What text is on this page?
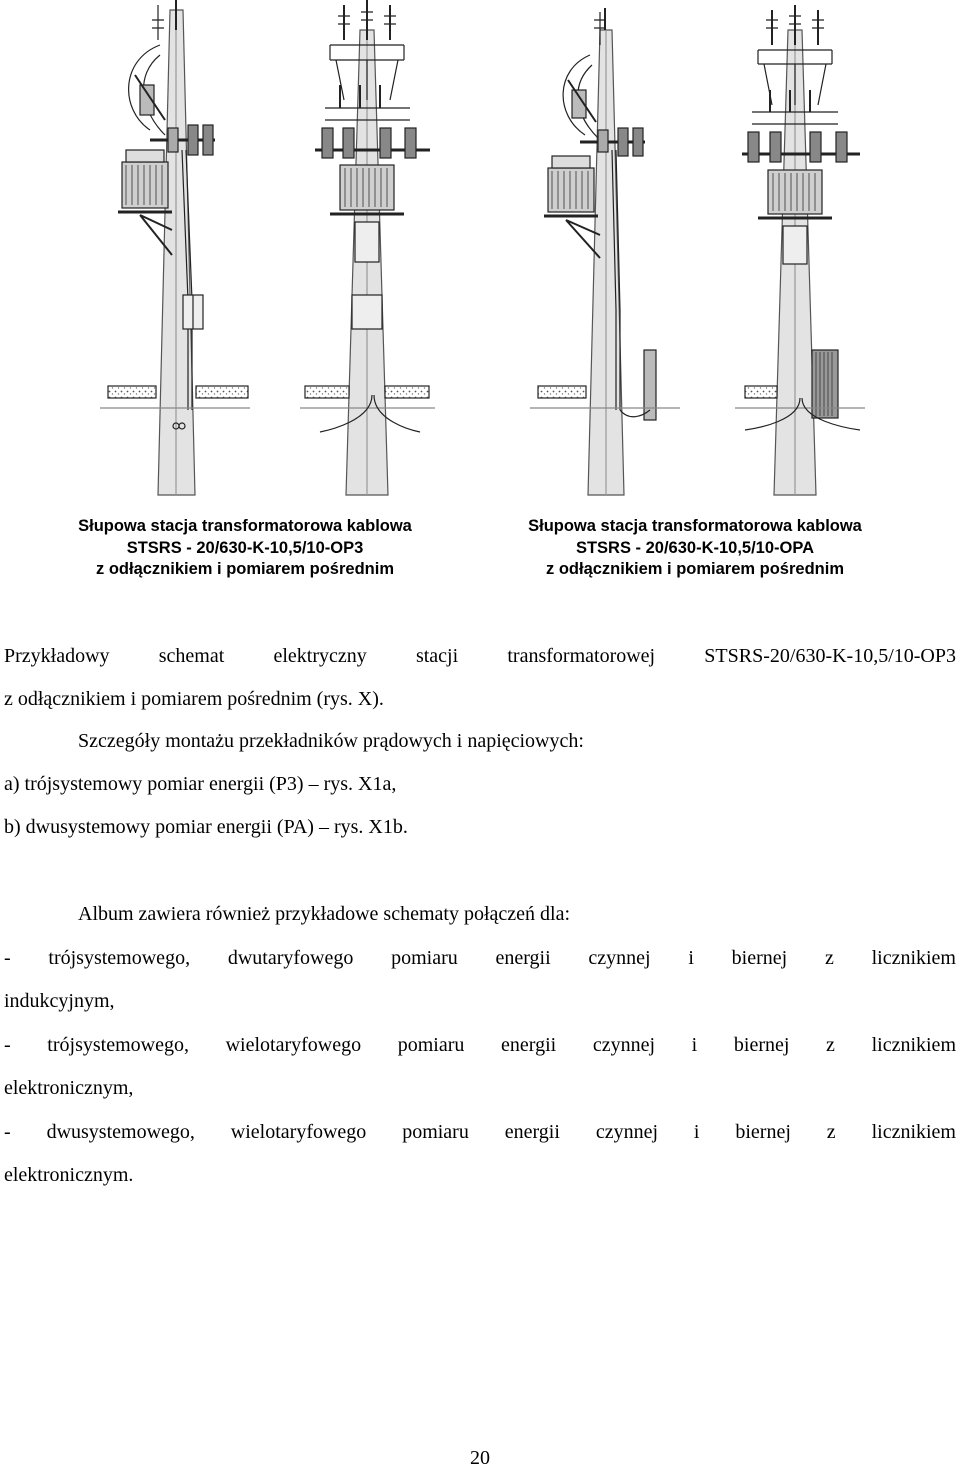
Słupowa stacja transformatorowa kablowa
STSRS - 20/630-K-10,5/10-OP3
z odłącznikiem i pomiarem pośrednim
Słupowa stacja transformatorowa kablowa
STSRS - 20/630-K-10,5/10-OPA
z odłącznikiem i pomiarem pośrednim
Przykładowy schemat elektryczny stacji transformatorowej STSRS-20/630-K-10,5/10-OP3
z odłącznikiem i pomiarem pośrednim (rys. X).
Szczegóły montażu przekładników prądowych i napięciowych:
a) trójsystemowy pomiar energii (P3) – rys. X1a,
b) dwusystemowy pomiar energii (PA) – rys. X1b.
Album zawiera również przykładowe schematy połączeń dla:
- trójsystemowego, dwutaryfowego pomiaru energii czynnej i biernej z licznikiem
indukcyjnym,
- trójsystemowego, wielotaryfowego pomiaru energii czynnej i biernej z licznikiem
elektronicznym,
- dwusystemowego, wielotaryfowego pomiaru energii czynnej i biernej z licznikiem
elektronicznym.
20
